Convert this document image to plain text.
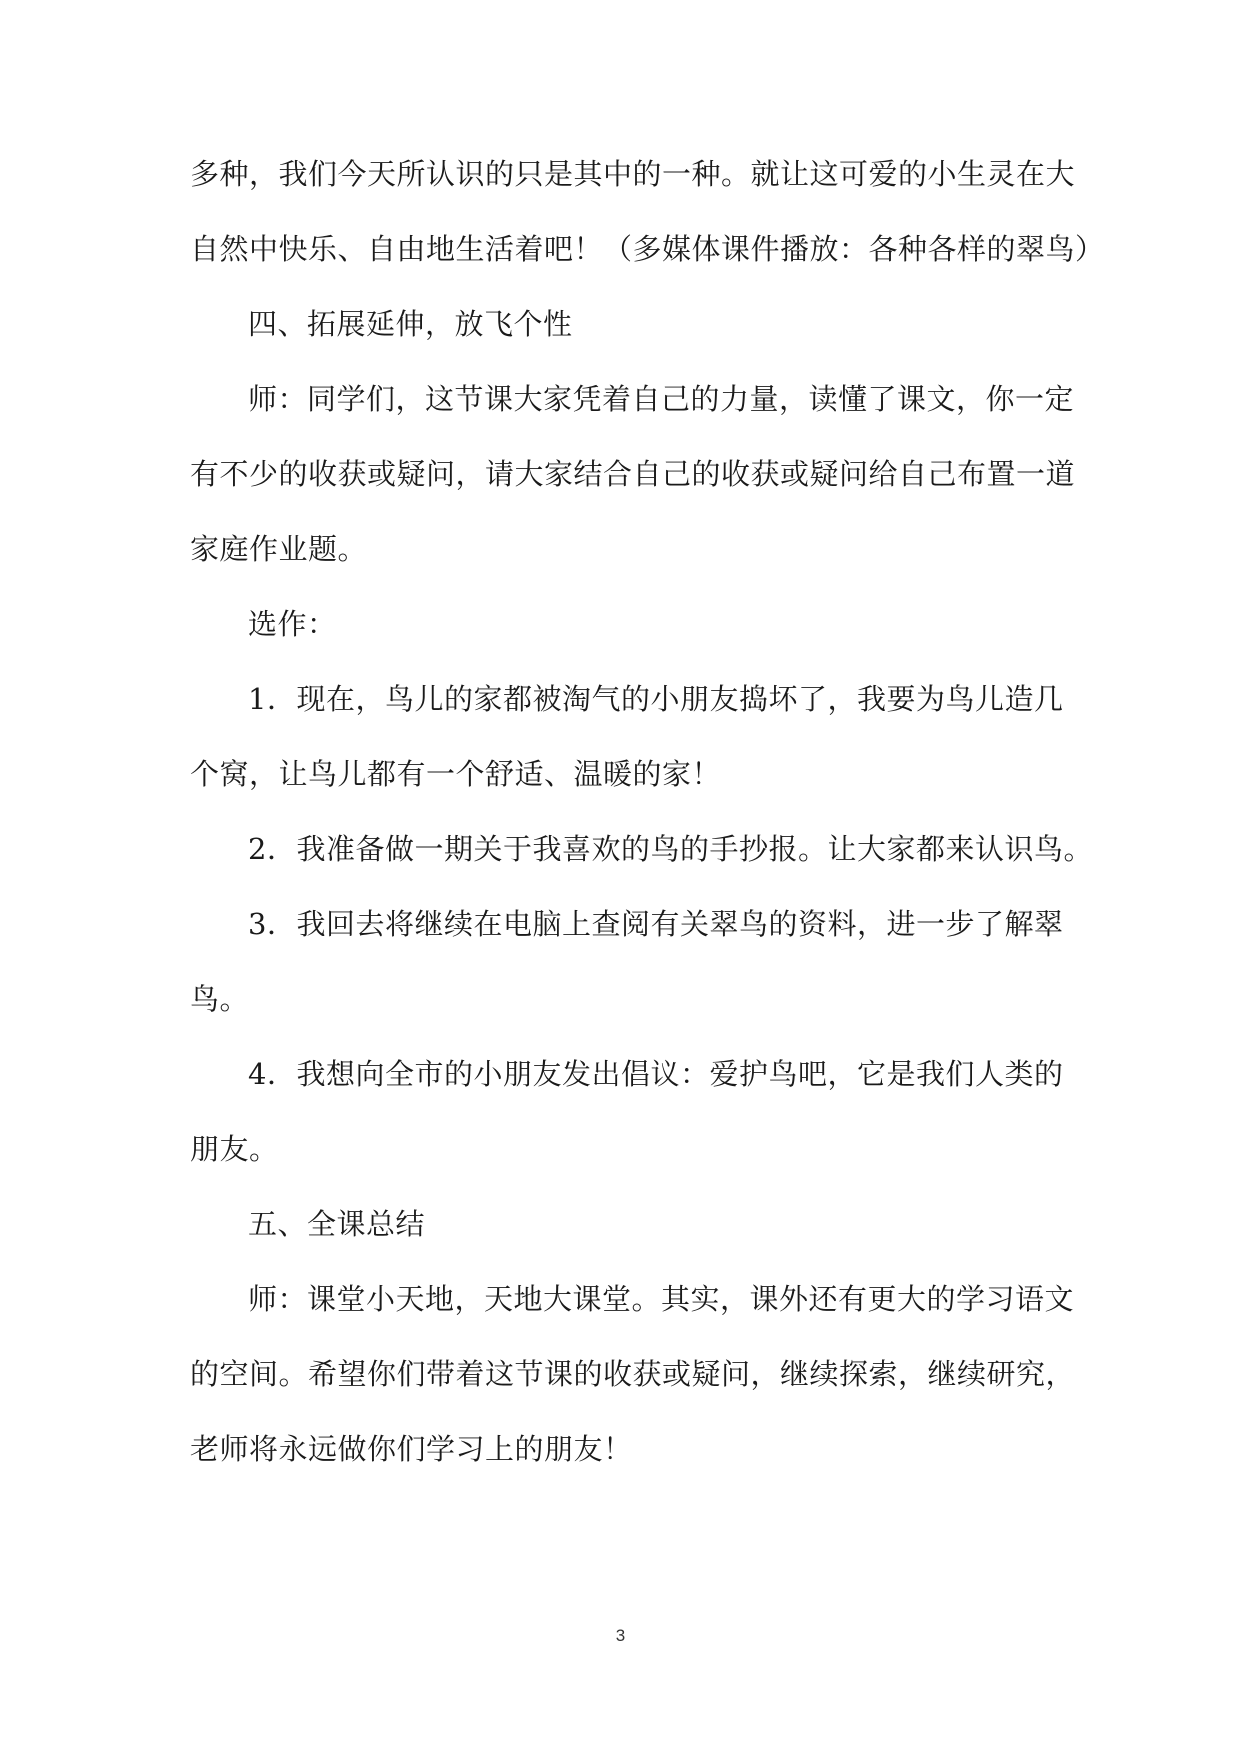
多种，我们今天所认识的只是其中的一种。就让这可爱的小生灵在大
自然中快乐、自由地生活着吧！（多媒体课件播放：各种各样的翠鸟）
四、拓展延伸，放飞个性
师：同学们，这节课大家凭着自己的力量，读懂了课文，你一定
有不少的收获或疑问，请大家结合自己的收获或疑问给自己布置一道
家庭作业题。
选作：
1．现在，鸟儿的家都被淘气的小朋友捣坏了，我要为鸟儿造几
个窝，让鸟儿都有一个舒适、温暖的家！
2．我准备做一期关于我喜欢的鸟的手抄报。让大家都来认识鸟。
3．我回去将继续在电脑上查阅有关翠鸟的资料，进一步了解翠
鸟。
4．我想向全市的小朋友发出倡议：爱护鸟吧，它是我们人类的
朋友。
五、全课总结
师：课堂小天地，天地大课堂。其实，课外还有更大的学习语文
的空间。希望你们带着这节课的收获或疑问，继续探索，继续研究，
老师将永远做你们学习上的朋友！
3
